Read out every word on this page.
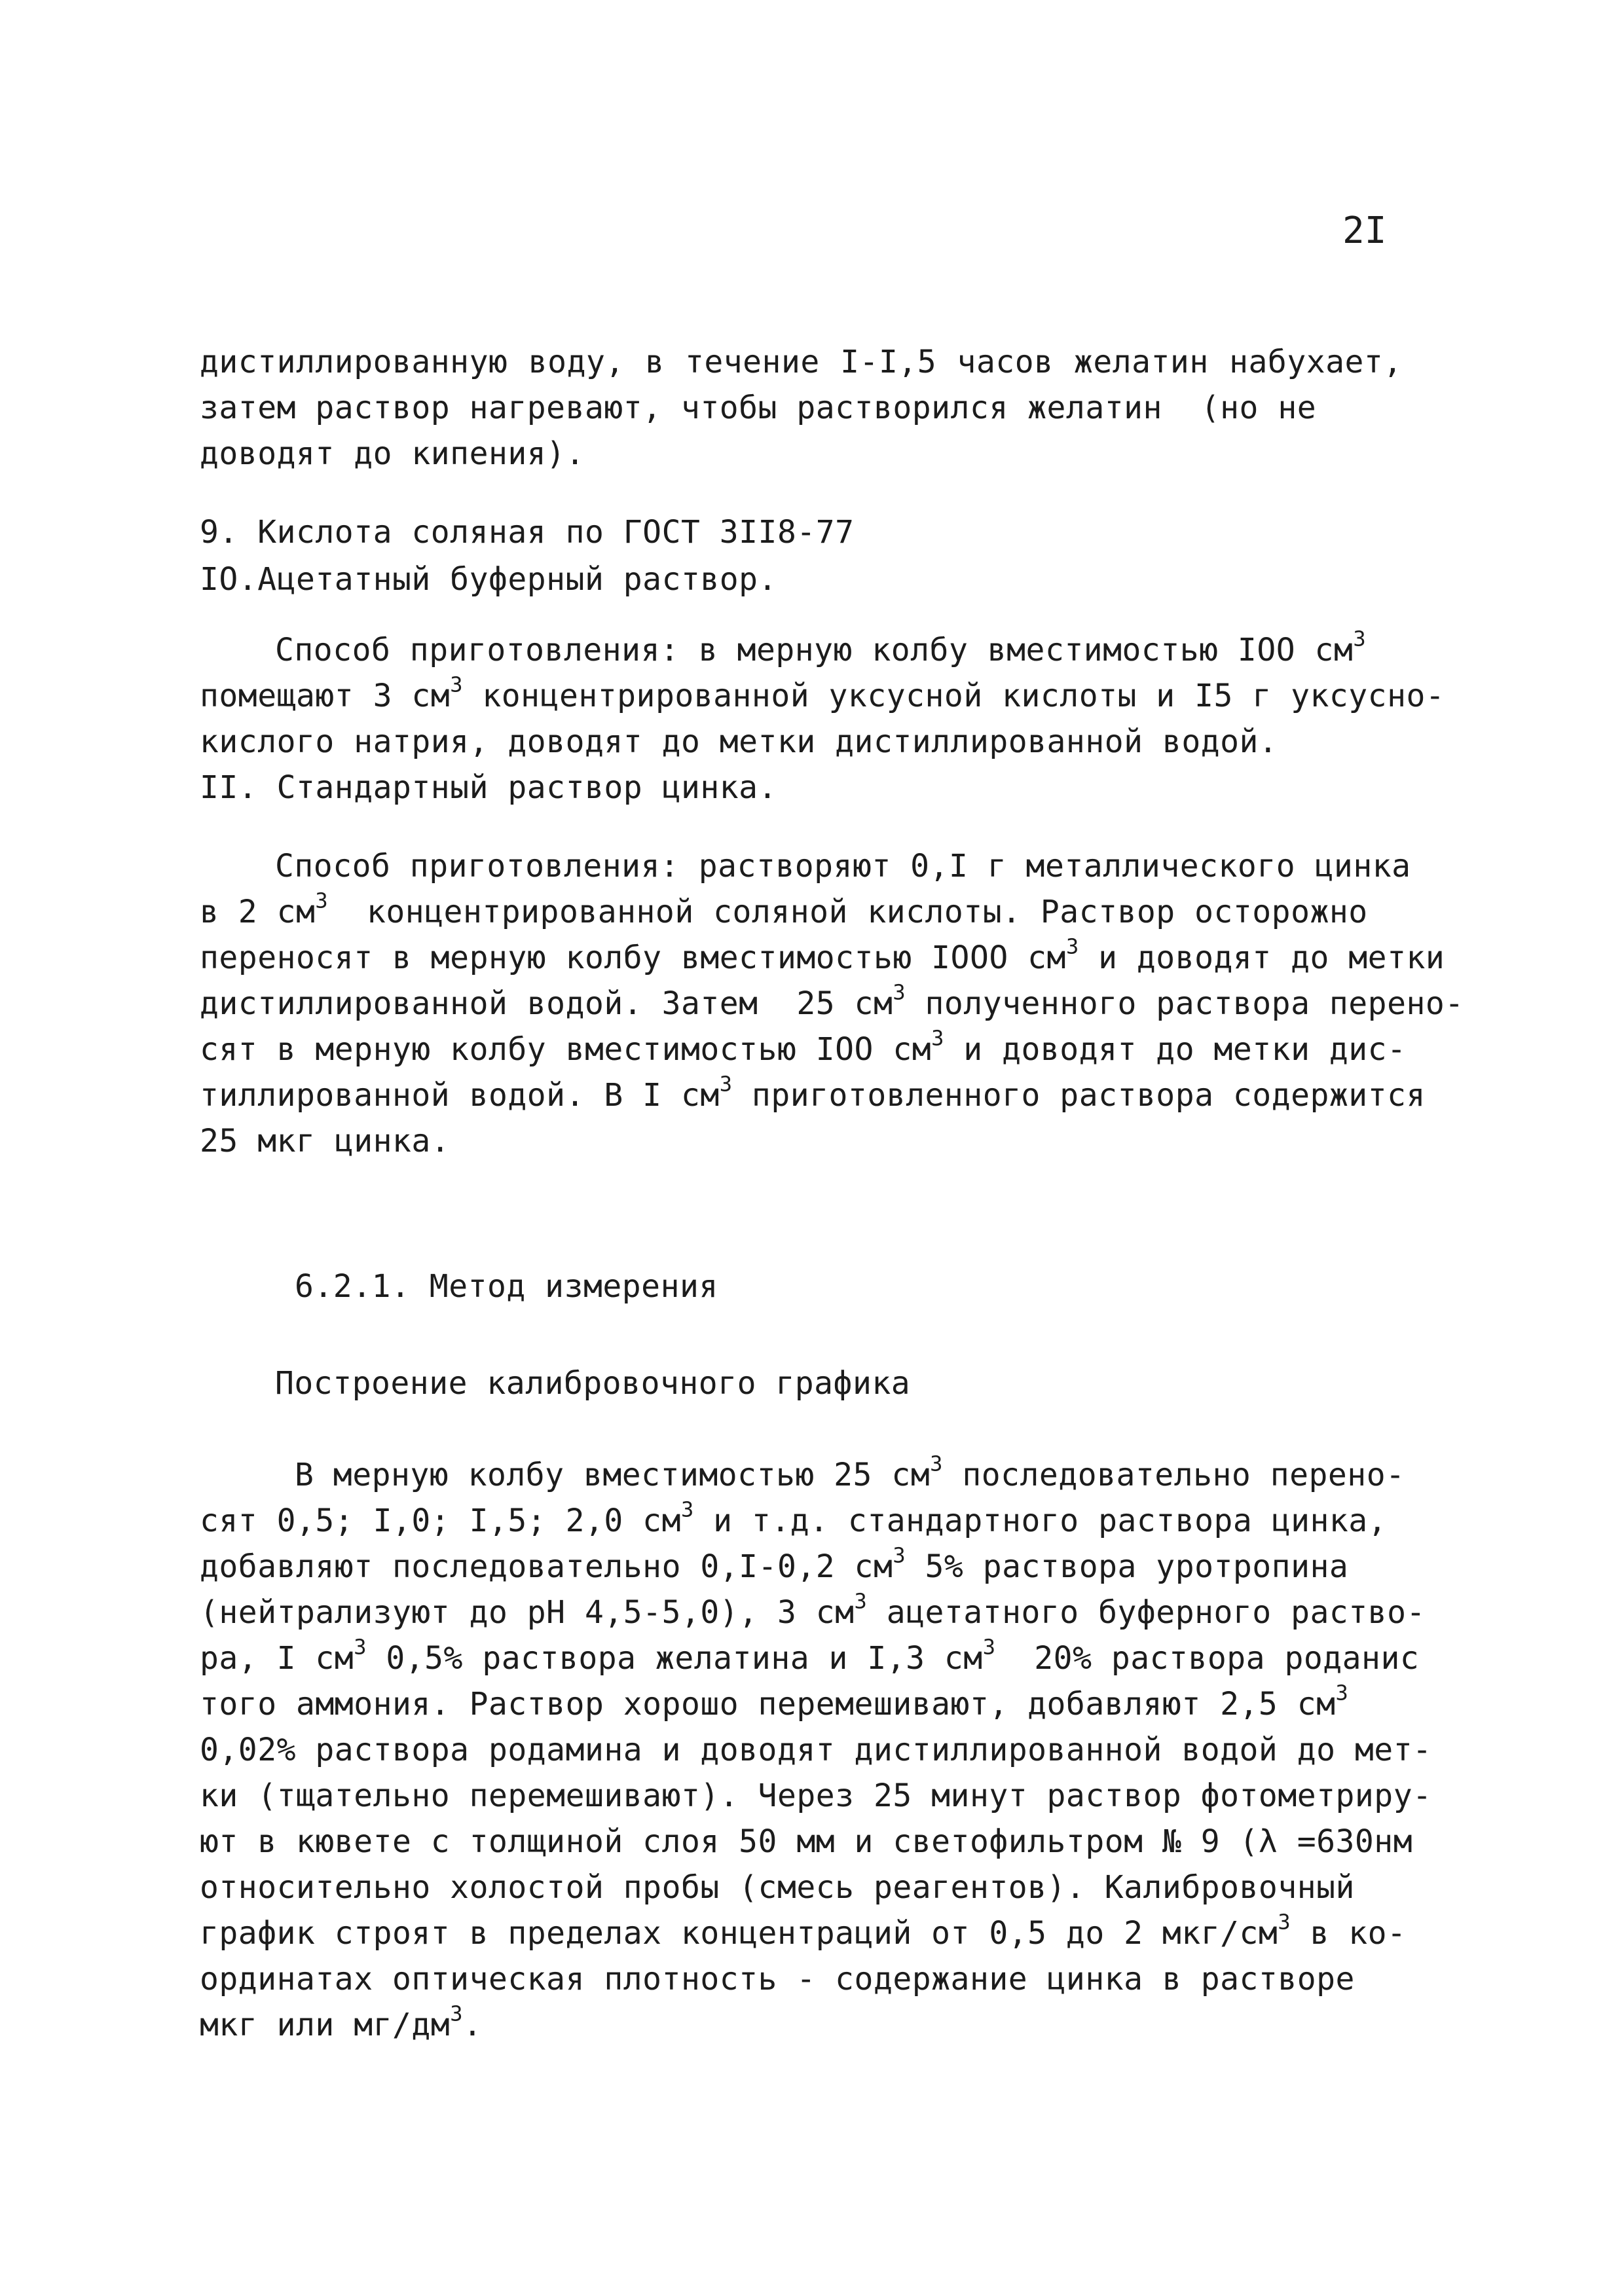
2I
дистиллированную воду, в течение I-I,5 часов желатин набухает,
затем раствор нагревают, чтобы растворился желатин  (но не
доводят до кипения).
9. Кислота соляная по ГОСТ 3II8-77
IO.Ацетатный буферный раствор.
Способ приготовления: в мерную колбу вместимостью IOO $см^3$
помещают 3 $см^3$ концентрированной уксусной кислоты и I5 г уксусно-
кислого натрия, доводят до метки дистиллированной водой.
II. Стандартный раствор цинка.
Способ приготовления: растворяют 0,I г металлического цинка
в 2 $см^3$  концентрированной соляной кислоты. Раствор осторожно
переносят в мерную колбу вместимостью IOOO $см^3$ и доводят до метки
дистиллированной водой. Затем  25 $см^3$ полученного раствора перено-
сят в мерную колбу вместимостью IOO $см^3$ и доводят до метки дис-
тиллированной водой. В I $см^3$ приготовленного раствора содержится
25 мкг цинка.
6.2.1. Метод измерения
Построение калибровочного графика
В мерную колбу вместимостью 25 $см^3$ последовательно перено-
сят 0,5; I,0; I,5; 2,0 $см^3$ и т.д. стандартного раствора цинка,
добавляют последовательно 0,I-0,2 $см^3$ 5% раствора уротропина
(нейтрализуют до рН 4,5-5,0), 3 $см^3$ ацетатного буферного раство-
ра, I $см^3$ 0,5% раствора желатина и I,3 $см^3$  20% раствора роданис
того аммония. Раствор хорошо перемешивают, добавляют 2,5 $см^3$
0,02% раствора родамина и доводят дистиллированной водой до мет-
ки (тщательно перемешивают). Через 25 минут раствор фотометриру-
ют в кювете с толщиной слоя 50 мм и светофильтром № 9 (λ =630нм
относительно холостой пробы (смесь реагентов). Калибровочный
график строят в пределах концентраций от 0,5 до 2 мкг/$см^3$ в ко-
ординатах оптическая плотность - содержание цинка в растворе
мкг или $мг/дм^3$.
